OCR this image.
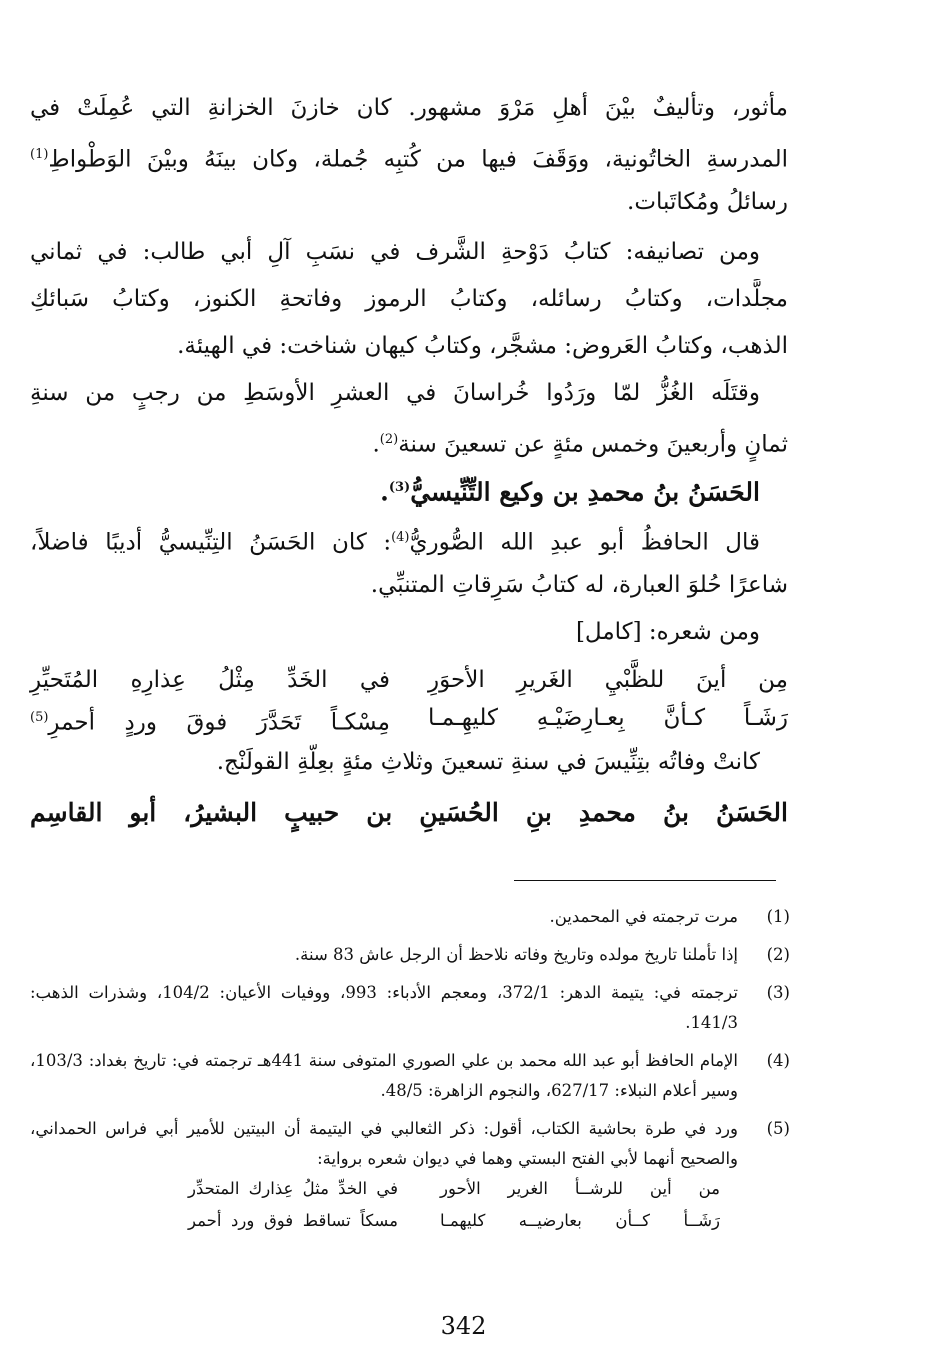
مأثور، وتأليفٌ بيْنَ أهلِ مَرْوَ مشهور. كان خازنَ الخزانةِ التي عُمِلَتْ في
المدرسةِ الخاتُونية، ووَقَفَ فيها من كُتبِه جُملة، وكان بينَهُ وبيْنَ الوَطْواطِ$^{(1)}$
رسائلُ ومُكاتَبات.
ومن تصانيفه: كتابُ دَوْحةِ الشَّرف في نسَبِ آلِ أبي طالب: في ثماني
مجلَّدات، وكتابُ رسائله، وكتابُ الرموز وفاتحةِ الكنوز، وكتابُ سَبائكِ
الذهب، وكتابُ العَروض: مشجَّر، وكتابُ كيهان شناخت: في الهيئة.
وقتَلَه الغُزُّ لمّا ورَدُوا خُراسانَ في العشرِ الأوسَطِ من رجبٍ من سنةِ
ثمانٍ وأربعينَ وخمس مئةٍ عن تسعينَ سنة$^{(2)}$.
الحَسَنُ بنُ محمدِ بن وكيع التِّنِّيسيُّ$^{(3)}$.
قال الحافظُ أبو عبدِ الله الصُّوريُّ$^{(4)}$: كان الحَسَنُ التِنِّيسيُّ أديبًا فاضلاً،
شاعرًا حُلوَ العبارة، له كتابُ سَرِقاتِ المتنبِّي.
ومن شعره: [كامل]
مِن أينَ للظَّبْيِ الغَريرِ الأحوَرِ
في الخَدِّ مِثْلُ عِذارِهِ المُتَحيِّرِ
رَشَـاً كـأنَّ بِعـارِضَيْـهِ كليهِـمـا
مِسْكـاً تَحَدَّرَ فوقَ وردٍ أحمرِ$^{(5)}$
كانتْ وفاتُه بتِنِّيسَ في سنةِ تسعينَ وثلاثِ مئةٍ بعِلّةِ القولَنْج.
الحَسَنُ بنُ محمدِ بنِ الحُسَينِ بن حبيبٍ البشيرُ، أبو القاسِم
(1)
مرت ترجمته في المحمدين.
(2)
إذا تأملنا تاريخ مولده وتاريخ وفاته نلاحظ أن الرجل عاش 83 سنة.
(3)
ترجمته في: يتيمة الدهر: 372/1، ومعجم الأدباء: 993، ووفيات الأعيان: 104/2، وشذرات الذهب: 141/3.
(4)
الإمام الحافظ أبو عبد الله محمد بن علي الصوري المتوفى سنة 441هـ ترجمته في: تاريخ بغداد: 103/3، وسير أعلام النبلاء: 627/17، والنجوم الزاهرة: 48/5.
(5)
ورد في طرة بحاشية الكتاب، أقول: ذكر الثعالبي في اليتيمة أن البيتين للأمير أبي فراس الحمداني، والصحيح أنهما لأبي الفتح البستي وهما في ديوان شعره برواية:
من أين للرشــأ الغرير الأحور
في الخدِّ مثلُ عِذارك المتحدِّر
رَشَــأ كــأن بعارضيــه كليهمـا
مسكاً تساقط فوق ورد أحمر
342
